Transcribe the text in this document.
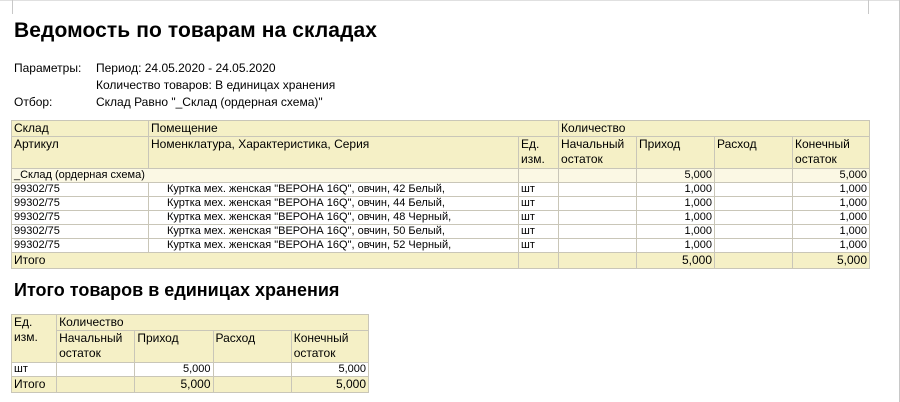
Ведомость по товарам на складах
Параметры: Период: 24.05.2020 - 24.05.2020
Количество товаров: В единицах хранения
Отбор:	Склад Равно "_Склад (ордерная схема)"
Склад	Помещение		Количество			
Артикул	Номенклатура, Характеристика, Серия	Ед. изм.	Начальный остаток	Приход	Расход	Конечный остаток
_Склад (ордерная схема)				5,000		5,000
99302/75	Куртка мех. женская "ВЕРОНА 16Q", овчин, 42 Белый,	шт		1,000		1,000
99302/75	Куртка мех. женская "ВЕРОНА 16Q", овчин, 44 Белый,	шт		1,000		1,000
99302/75	Куртка мех. женская "ВЕРОНА 16Q", овчин, 48 Черный,	шт		1,000		1,000
99302/75	Куртка мех. женская "ВЕРОНА 16Q", овчин, 50 Белый,	шт		1,000		1,000
99302/75	Куртка мех. женская "ВЕРОНА 16Q", овчин, 52 Черный,	шт		1,000		1,000
Итого				5,000		5,000
Итого товаров в единицах хранения
Ед. изм.	Количество			
	Начальный остаток	Приход	Расход	Конечный остаток
шт		5,000		5,000
Итого		5,000		5,000
